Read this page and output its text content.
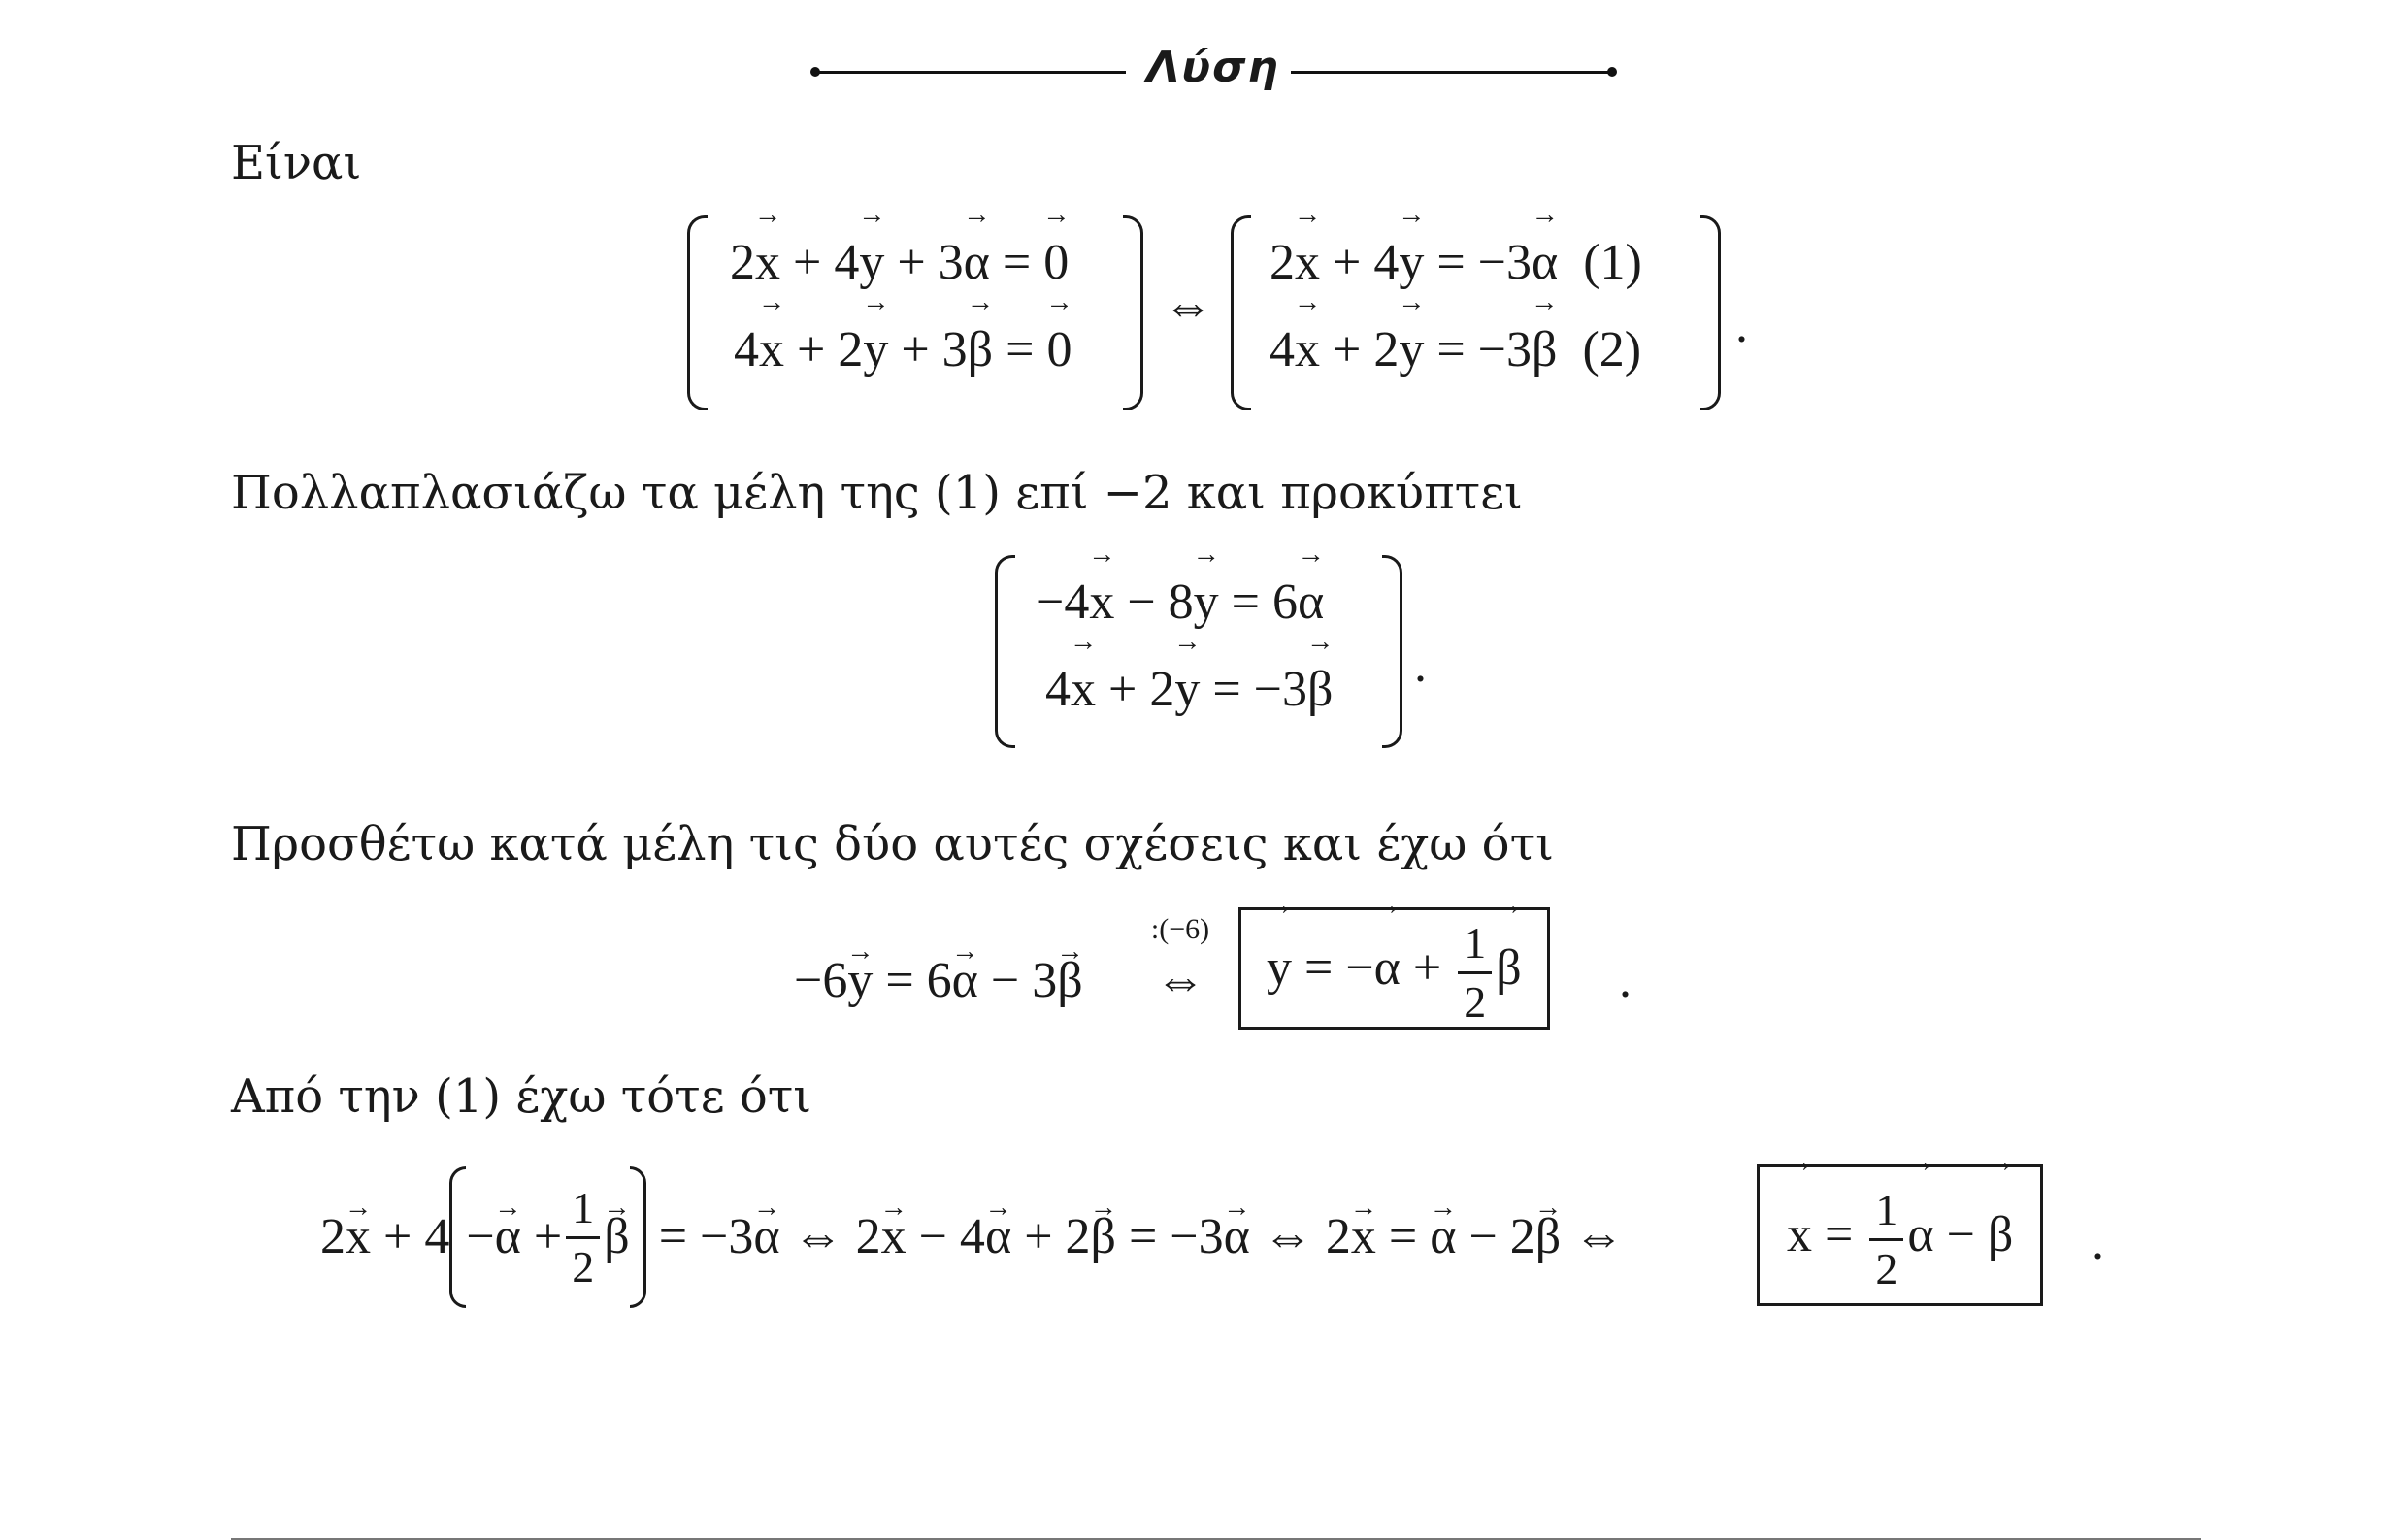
Λύση
Είναι
2→ x + 4→ y + 3→ α = → 0
4→ x + 2→ y + 3→ β = → 0
⇔
2→ x + 4→ y = −3→ α (1)
4→ x + 2→ y = −3→ β (2)	.
Πολλαπλασιάζω τα μέλη της (1) επί −2 και προκύπτει
−4→ x − 8→ y = 6→ α
4→ x + 2→ y = −3→ β	.
Προσθέτω κατά μέλη τις δύο αυτές σχέσεις και έχω ότι
−6→ y = 6→ α − 3→ β
:(−6)
⇔
→	y = −→ $\alpha + \frac{1}{2}$
→ β	.
Από την (1) έχω τότε ότι
$2\to x + 4 -\to \alpha + \frac{1}{2}$
→ β = −3→ α ⇔ 2→ x − 4→ α + 2→ β = −3→ α ⇔ 2→ x = → α − 2→ β ⇔
→	$x = \frac{1}{2}$
→ α − → β	.
